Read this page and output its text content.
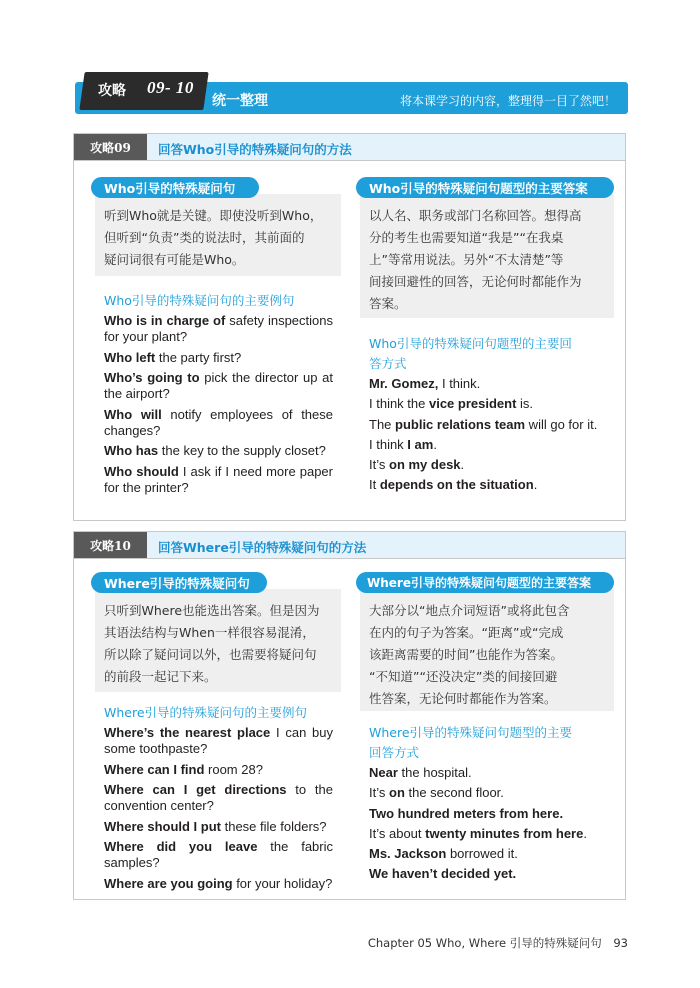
攻略 09- 10
统一整理	将本课学习的内容，整理得一目了然吧！
攻略09	回答Who引导的特殊疑问句的方法
Who引导的特殊疑问句
听到Who就是关键。即使没听到Who，
但听到“负责”类的说法时，其前面的
疑问词很有可能是Who。
Who引导的特殊疑问句的主要例句
Who is in charge of safety inspections for your plant?
Who left the party first?
Who’s going to pick the director up at the airport?
Who will notify employees of these changes?
Who has the key to the supply closet?
Who should I ask if I need more paper for the printer?
Who引导的特殊疑问句题型的主要答案
以人名、职务或部门名称回答。想得高
分的考生也需要知道“我是”“在我桌
上”等常用说法。另外“不太清楚”等
间接回避性的回答，无论何时都能作为
答案。
Who引导的特殊疑问句题型的主要回
答方式
Mr. Gomez, I think.
I think the vice president is.
The public relations team will go for it.
I think I am.
It’s on my desk.
It depends on the situation.
攻略10	回答Where引导的特殊疑问句的方法
Where引导的特殊疑问句
只听到Where也能选出答案。但是因为
其语法结构与When一样很容易混淆，
所以除了疑问词以外，也需要将疑问句
的前段一起记下来。
Where引导的特殊疑问句的主要例句
Where’s the nearest place I can buy some toothpaste?
Where can I find room 28?
Where can I get directions to the convention center?
Where should I put these file folders?
Where did you leave the fabric samples?
Where are you going for your holiday?
Where引导的特殊疑问句题型的主要答案
大部分以“地点介词短语”或将此包含
在内的句子为答案。“距离”或“完成
该距离需要的时间”也能作为答案。
“不知道”“还没决定”类的间接回避
性答案，无论何时都能作为答案。
Where引导的特殊疑问句题型的主要
回答方式
Near the hospital.
It’s on the second floor.
Two hundred meters from here.
It’s about twenty minutes from here.
Ms. Jackson borrowed it.
We haven’t decided yet.
Chapter 05 Who, Where 引导的特殊疑问句 93
